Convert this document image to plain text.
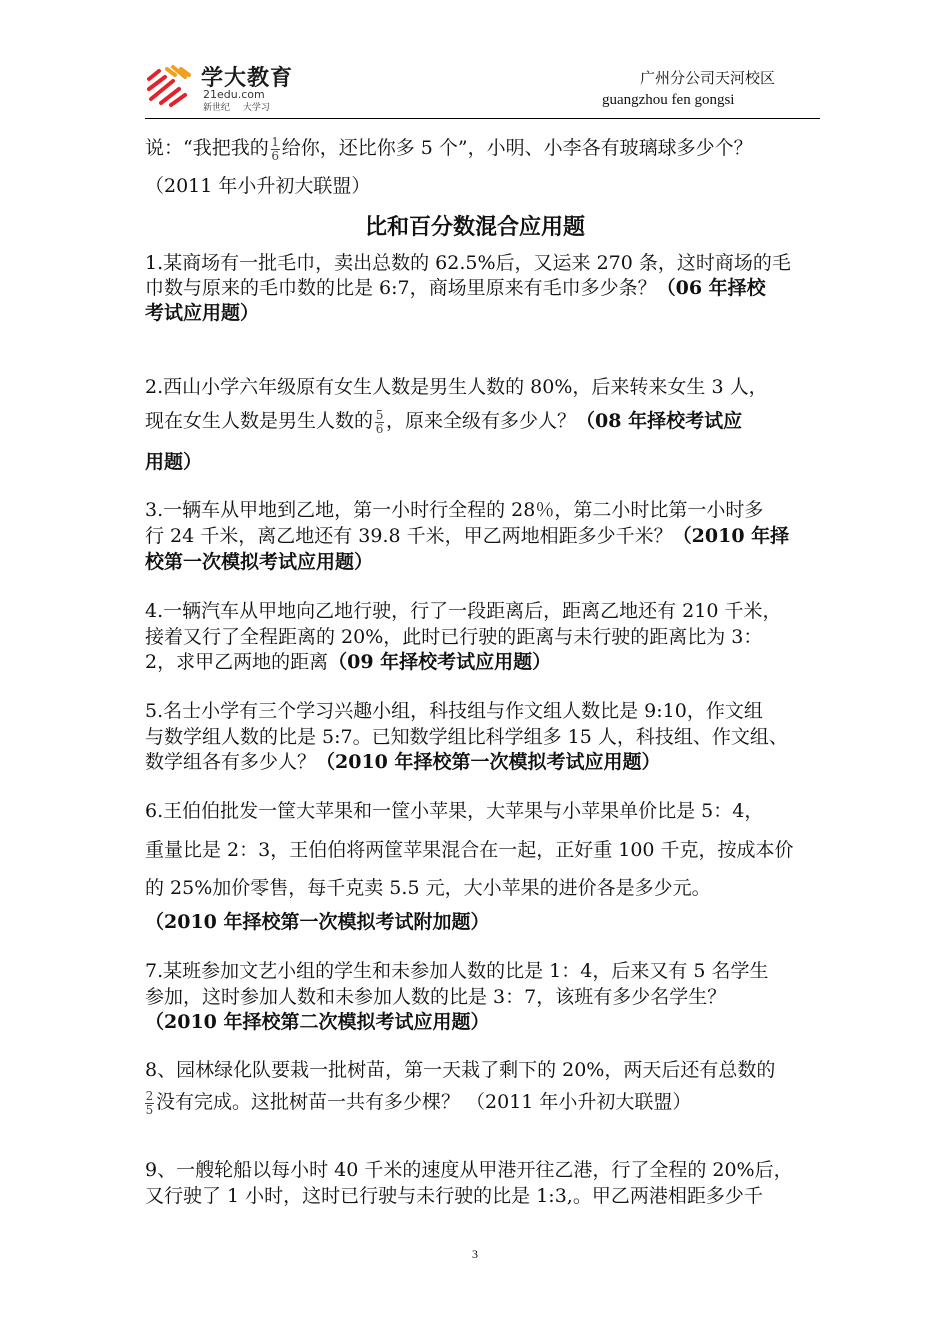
学大教育
21edu.com
新世纪 大学习
广州分公司天河校区
guangzhou fen gongsi
说：“我把我的 $\frac{1}{6}$ 给你，还比你多 5 个”，小明、小李各有玻璃球多少个？
（2011 年小升初大联盟）
比和百分数混合应用题
1.某商场有一批毛巾，卖出总数的 62.5%后，又运来 270 条，这时商场的毛
巾数与原来的毛巾数的比是 6:7，商场里原来有毛巾多少条？（06 年择校
考试应用题）
2.西山小学六年级原有女生人数是男生人数的 80%，后来转来女生 3 人，
现在女生人数是男生人数的 $\frac{5}{6}$ ，原来全级有多少人？（08 年择校考试应
用题）
3.一辆车从甲地到乙地，第一小时行全程的 28％，第二小时比第一小时多
行 24 千米，离乙地还有 39.8 千米，甲乙两地相距多少千米？（2010 年择
校第一次模拟考试应用题）
4.一辆汽车从甲地向乙地行驶，行了一段距离后，距离乙地还有 210 千米，
接着又行了全程距离的 20%，此时已行驶的距离与未行驶的距离比为 3：
2，求甲乙两地的距离（09 年择校考试应用题）
5.名士小学有三个学习兴趣小组，科技组与作文组人数比是 9:10，作文组
与数学组人数的比是 5:7。已知数学组比科学组多 15 人，科技组、作文组、
数学组各有多少人？（2010 年择校第一次模拟考试应用题）
6.王伯伯批发一筐大苹果和一筐小苹果，大苹果与小苹果单价比是 5：4，
重量比是 2：3，王伯伯将两筐苹果混合在一起，正好重 100 千克，按成本价
的 25%加价零售，每千克卖 5.5 元，大小苹果的进价各是多少元。
（2010 年择校第一次模拟考试附加题）
7.某班参加文艺小组的学生和未参加人数的比是 1：4，后来又有 5 名学生
参加，这时参加人数和未参加人数的比是 3：7，该班有多少名学生？
（2010 年择校第二次模拟考试应用题）
8、园林绿化队要栽一批树苗，第一天栽了剩下的 20%，两天后还有总数的
$\frac{2}{5}$ 没有完成。这批树苗一共有多少棵？ （2011 年小升初大联盟）
9、一艘轮船以每小时 40 千米的速度从甲港开往乙港，行了全程的 20%后，
又行驶了 1 小时，这时已行驶与未行驶的比是 1:3,。甲乙两港相距多少千
3
